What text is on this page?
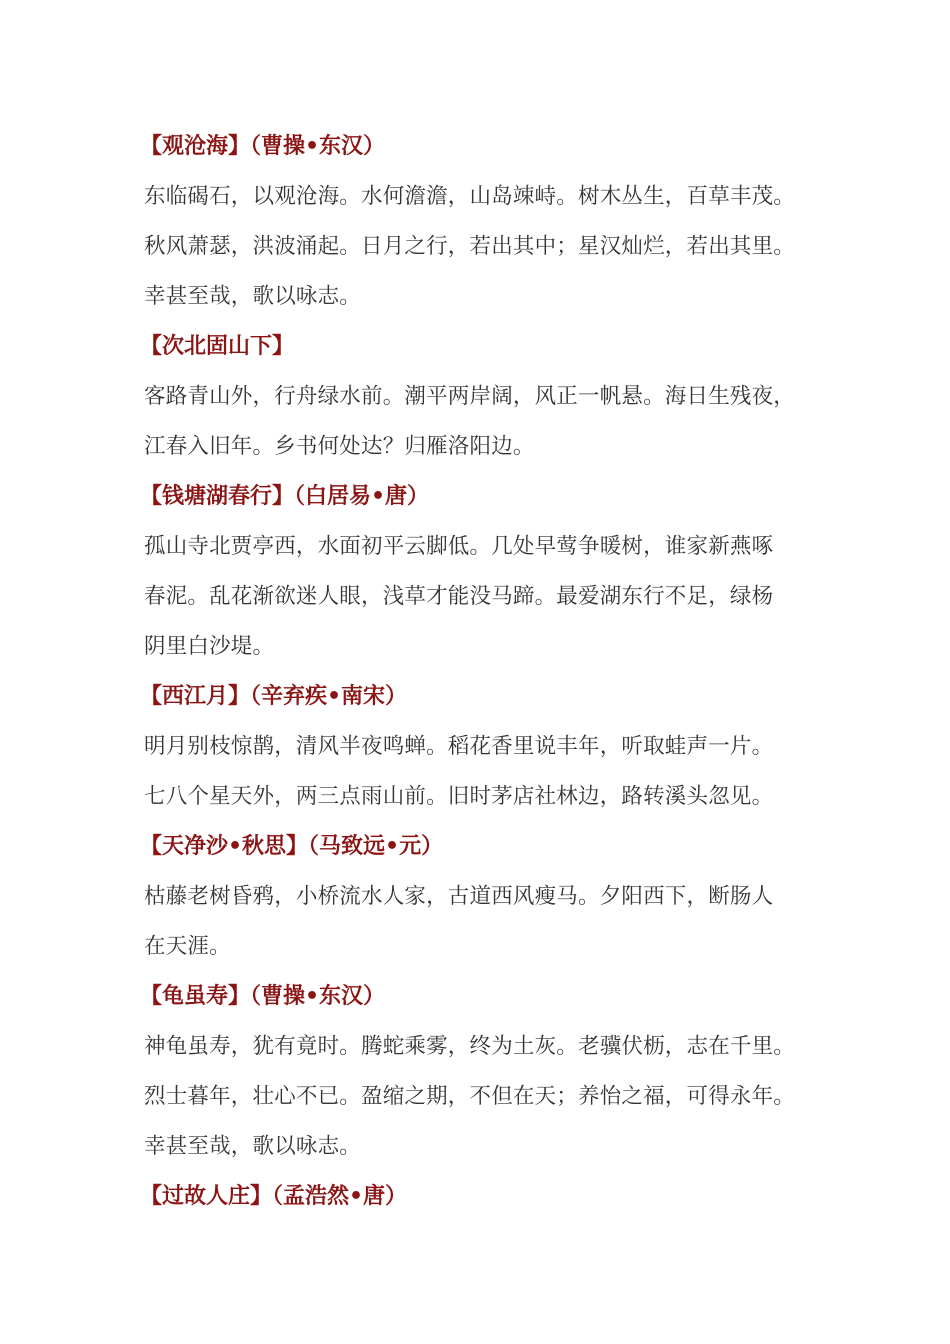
【观沧海】（曹操•东汉）
东临碣石，以观沧海。水何澹澹，山岛竦峙。树木丛生，百草丰茂。
秋风萧瑟，洪波涌起。日月之行，若出其中；星汉灿烂，若出其里。
幸甚至哉，歌以咏志。
【次北固山下】
客路青山外，行舟绿水前。潮平两岸阔，风正一帆悬。海日生残夜，
江春入旧年。乡书何处达？归雁洛阳边。
【钱塘湖春行】（白居易•唐）
孤山寺北贾亭西，水面初平云脚低。几处早莺争暖树，谁家新燕啄
春泥。乱花渐欲迷人眼，浅草才能没马蹄。最爱湖东行不足，绿杨
阴里白沙堤。
【西江月】（辛弃疾•南宋）
明月别枝惊鹊，清风半夜鸣蝉。稻花香里说丰年，听取蛙声一片。
七八个星天外，两三点雨山前。旧时茅店社林边，路转溪头忽见。
【天净沙•秋思】（马致远•元）
枯藤老树昏鸦，小桥流水人家，古道西风瘦马。夕阳西下，断肠人
在天涯。
【龟虽寿】（曹操•东汉）
神龟虽寿，犹有竟时。腾蛇乘雾，终为土灰。老骥伏枥，志在千里。
烈士暮年，壮心不已。盈缩之期，不但在天；养怡之福，可得永年。
幸甚至哉，歌以咏志。
【过故人庄】（孟浩然•唐）
